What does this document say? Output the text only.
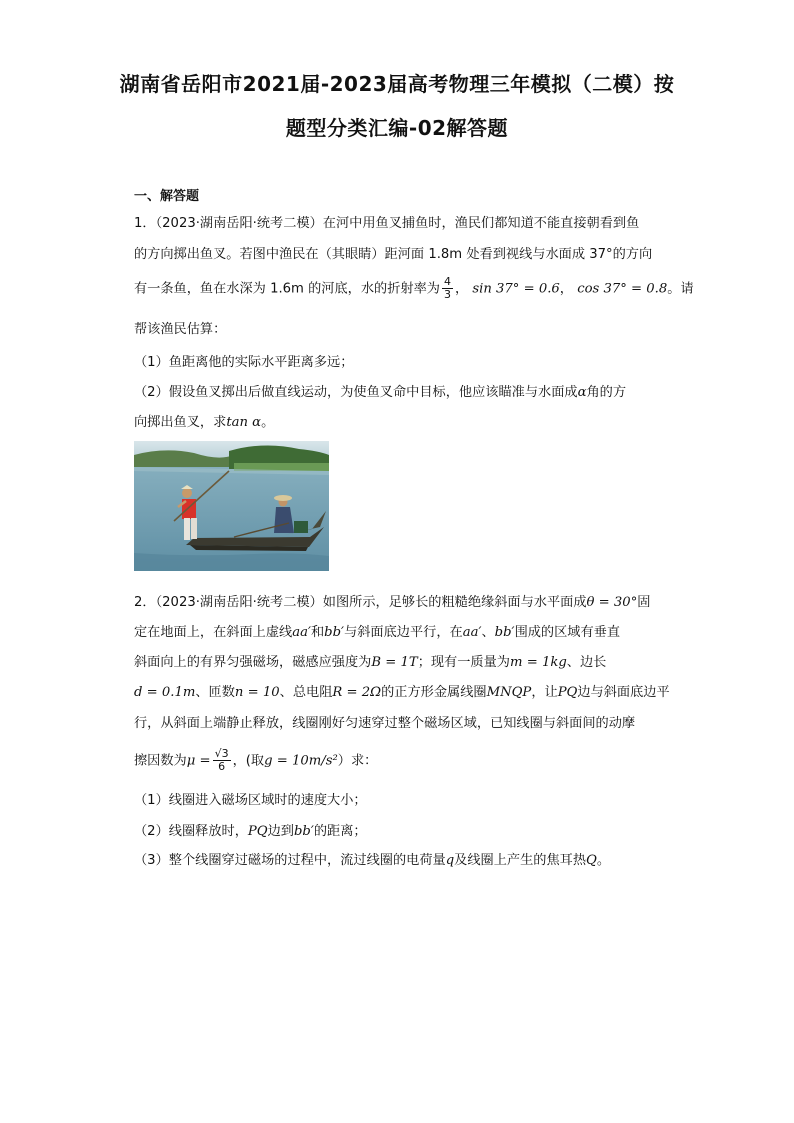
湖南省岳阳市2021届-2023届高考物理三年模拟（二模）按
题型分类汇编-02解答题
一、解答题
1．（2023·湖南岳阳·统考二模）在河中用鱼叉捕鱼时，渔民们都知道不能直接朝看到鱼
的方向掷出鱼叉。若图中渔民在（其眼睛）距河面 1.8m 处看到视线与水面成 37°的方向
有一条鱼，鱼在水深为 1.6m 的河底，水的折射率为 $\frac{4}{3}$ ， sin 37° = 0.6， cos 37° = 0.8。请
帮该渔民估算：
（1）鱼距离他的实际水平距离多远；
（2）假设鱼叉掷出后做直线运动，为使鱼叉命中目标，他应该瞄准与水面成α角的方
向掷出鱼叉，求tan α。
2．（2023·湖南岳阳·统考二模）如图所示，足够长的粗糙绝缘斜面与水平面成θ = 30°固
定在地面上，在斜面上虚线aa′和bb′与斜面底边平行，在aa′、bb′围成的区域有垂直
斜面向上的有界匀强磁场，磁感应强度为B = 1T；现有一质量为m = 1kg、边长
d = 0.1m、匝数n = 10、总电阻R = 2Ω的正方形金属线圈MNQP，让PQ边与斜面底边平
行，从斜面上端静止释放，线圈刚好匀速穿过整个磁场区域，已知线圈与斜面间的动摩
擦因数为$\mu = \frac{√3}{6}$ ，(取g = 10m/s²）求：
（1）线圈进入磁场区域时的速度大小；
（2）线圈释放时，PQ边到bb′的距离；
（3）整个线圈穿过磁场的过程中，流过线圈的电荷量q及线圈上产生的焦耳热Q。
